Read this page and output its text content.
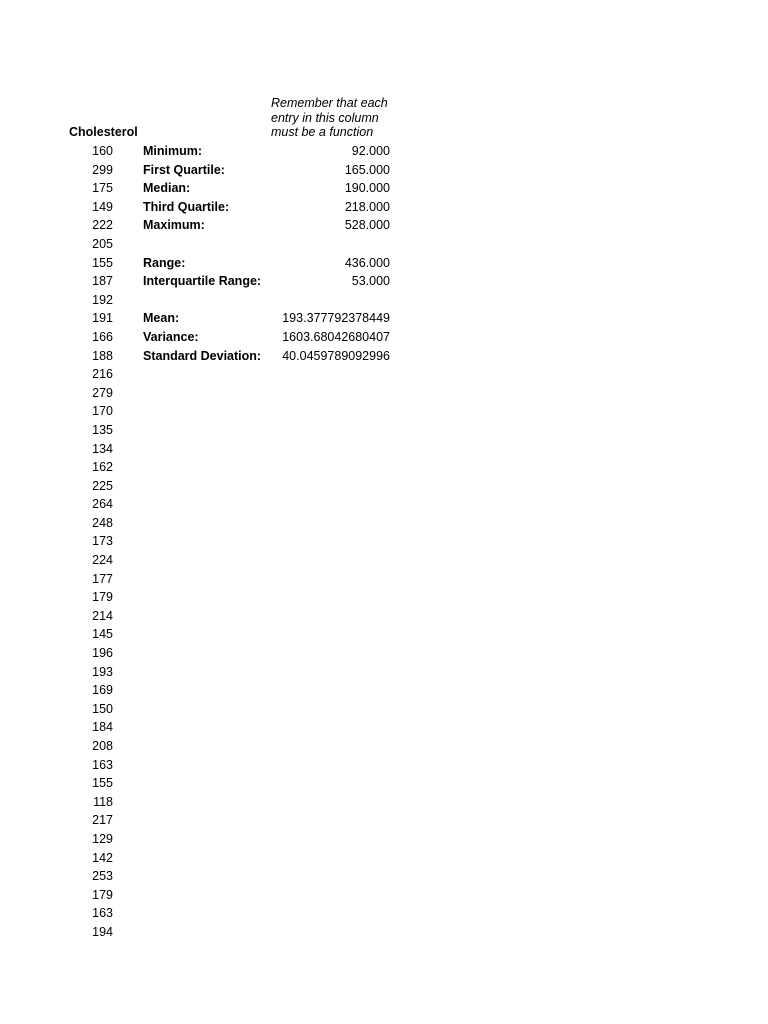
Remember that each
entry in this column
must be a function
Cholesterol
160
299
175
149
222
205
155
187
192
191
166
188
216
279
170
135
134
162
225
264
248
173
224
177
179
214
145
196
193
169
150
184
208
163
155
118
217
129
142
253
179
163
194
Minimum:	92.000
First Quartile:	165.000
Median:	190.000
Third Quartile:	218.000
Maximum:	528.000
Range:	436.000
Interquartile Range:	53.000
Mean:	193.377792378449
Variance:	1603.68042680407
Standard Deviation: 40.0459789092996
